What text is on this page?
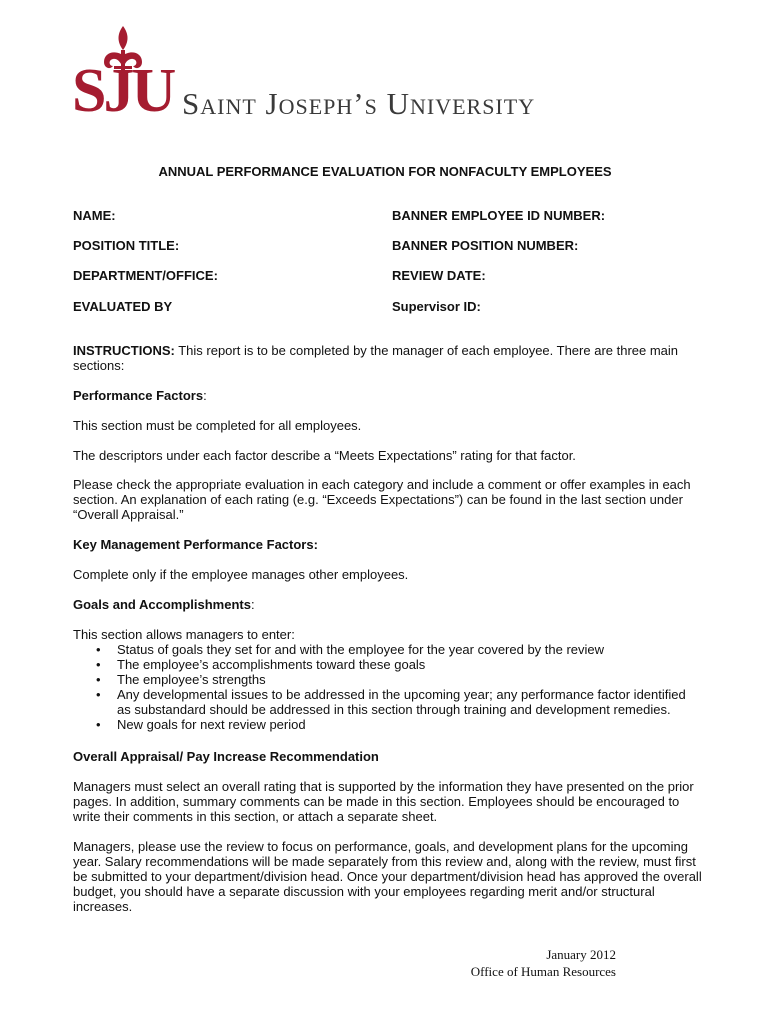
SJU Saint Joseph’s University
ANNUAL PERFORMANCE EVALUATION FOR NONFACULTY EMPLOYEES
NAME:	BANNER EMPLOYEE ID NUMBER:
POSITION TITLE:	BANNER POSITION NUMBER:
DEPARTMENT/OFFICE:	REVIEW DATE:
EVALUATED BY	Supervisor ID:

INSTRUCTIONS: This report is to be completed by the manager of each employee. There are three main sections:

Performance Factors:

This section must be completed for all employees.
The descriptors under each factor describe a “Meets Expectations” rating for that factor.
Please check the appropriate evaluation in each category and include a comment or offer examples in each section. An explanation of each rating (e.g. “Exceeds Expectations”) can be found in the last section under “Overall Appraisal.”
Key Management Performance Factors:
Complete only if the employee manages other employees.

Goals and Accomplishments:

This section allows managers to enter:
• Status of goals they set for and with the employee for the year covered by the review
• The employee’s accomplishments toward these goals
• The employee’s strengths
• Any developmental issues to be addressed in the upcoming year; any performance factor identified as substandard should be addressed in this section through training and development remedies.
• New goals for next review period
Overall Appraisal/ Pay Increase Recommendation
Managers must select an overall rating that is supported by the information they have presented on the prior pages. In addition, summary comments can be made in this section. Employees should be encouraged to write their comments in this section, or attach a separate sheet.
Managers, please use the review to focus on performance, goals, and development plans for the upcoming year. Salary recommendations will be made separately from this review and, along with the review, must first be submitted to your department/division head. Once your department/division head has approved the overall budget, you should have a separate discussion with your employees regarding merit and/or structural increases.
January 2012
Office of Human Resources
